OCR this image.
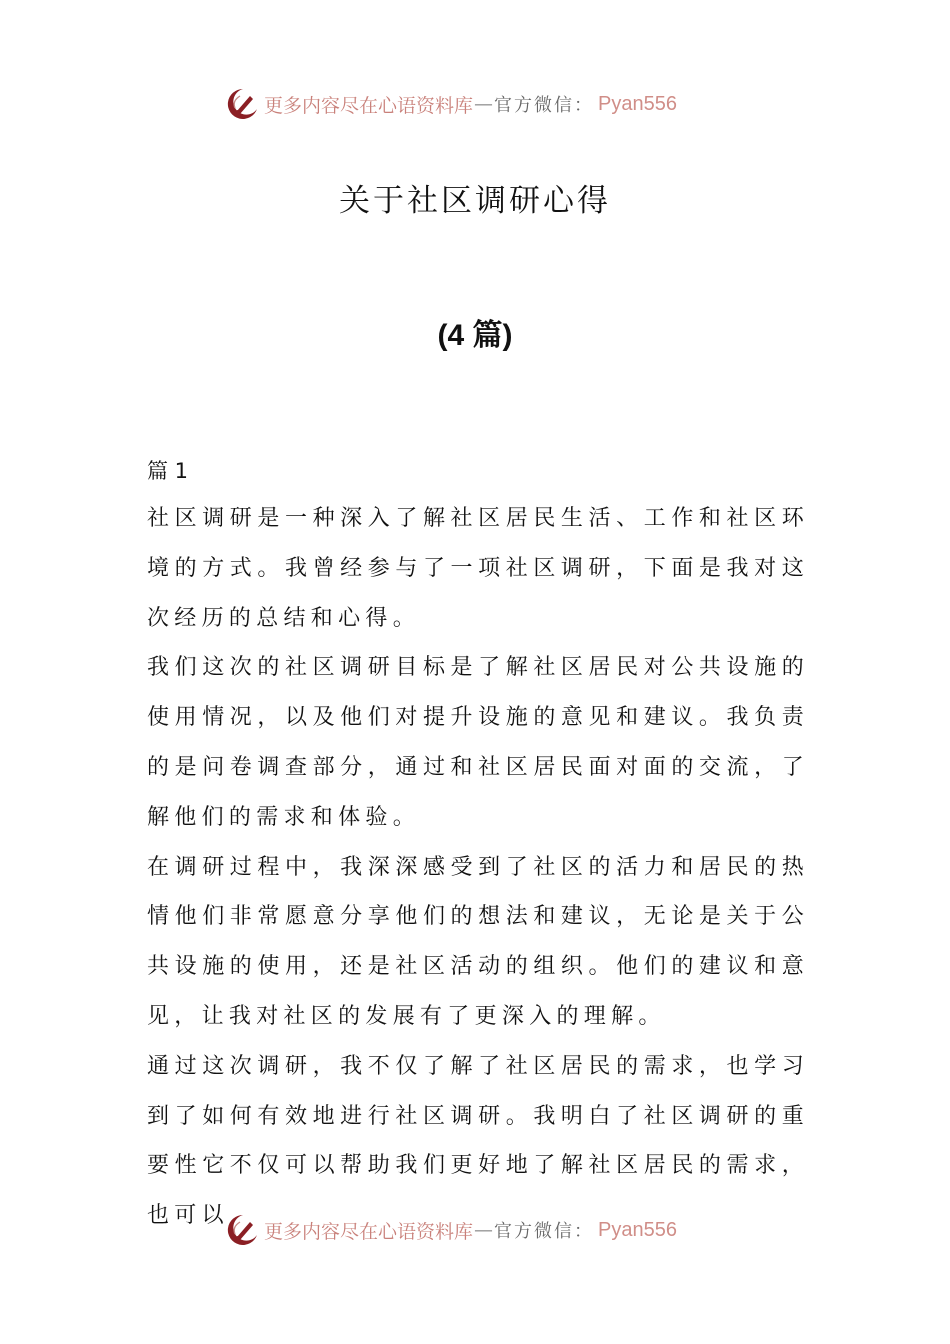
更多内容尽在心语资料库 — 官方微信： Pyan556
关于社区调研心得
(4 篇)
篇 1

社区调研是一种深入了解社区居民生活、工作和社区环境的方式。我曾经参与了一项社区调研，下面是我对这次经历的总结和心得。

我们这次的社区调研目标是了解社区居民对公共设施的使用情况，以及他们对提升设施的意见和建议。我负责的是问卷调查部分，通过和社区居民面对面的交流，了解他们的需求和体验。

在调研过程中，我深深感受到了社区的活力和居民的热情他们非常愿意分享他们的想法和建议，无论是关于公共设施的使用，还是社区活动的组织。他们的建议和意见，让我对社区的发展有了更深入的理解。

通过这次调研，我不仅了解了社区居民的需求，也学习到了如何有效地进行社区调研。我明白了社区调研的重要性它不仅可以帮助我们更好地了解社区居民的需求，也可以

更多内容尽在心语资料库 — 官方微信： Pyan556
